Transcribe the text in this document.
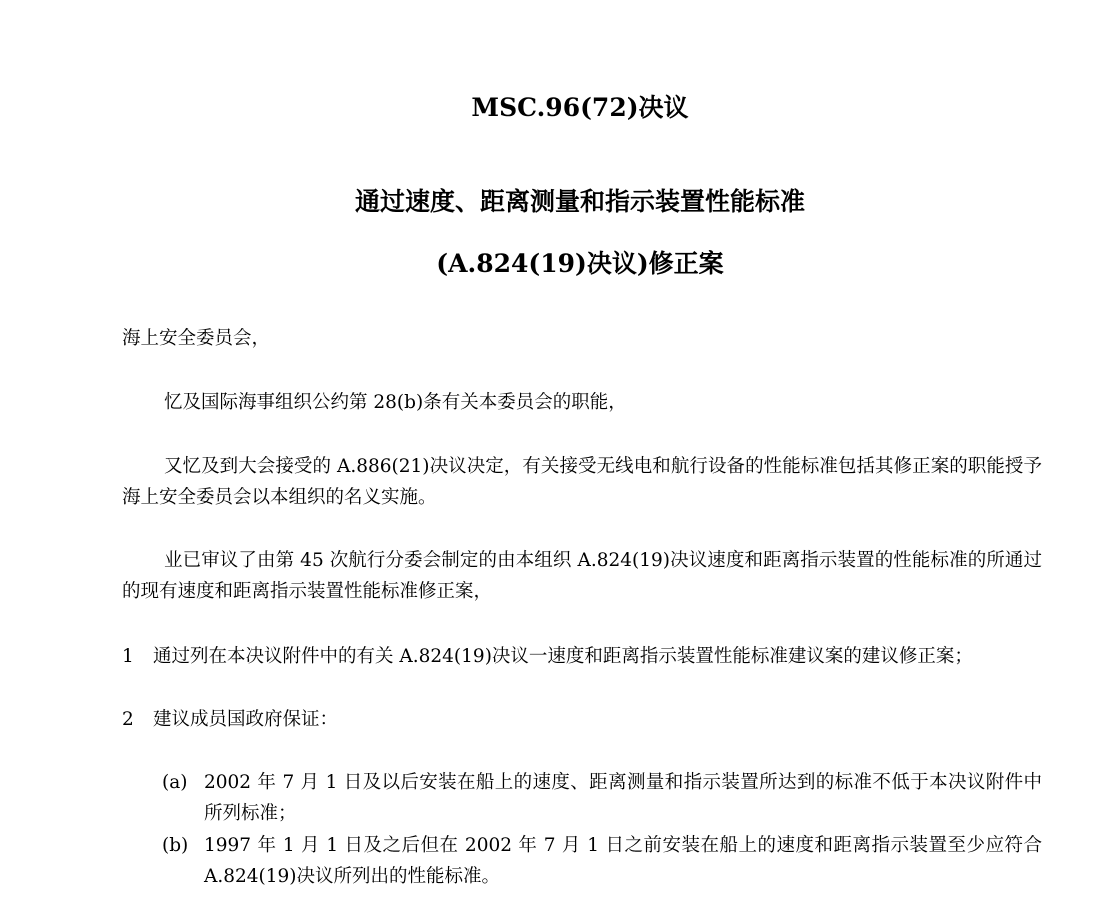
MSC.96(72)决议
通过速度、距离测量和指示装置性能标准
(A.824(19)决议)修正案
海上安全委员会，
忆及国际海事组织公约第 28(b)条有关本委员会的职能，
又忆及到大会接受的 A.886(21)决议决定，有关接受无线电和航行设备的性能标准包括其修正案的职能授予海上安全委员会以本组织的名义实施。
业已审议了由第 45 次航行分委会制定的由本组织 A.824(19)决议速度和距离指示装置的性能标准的所通过的现有速度和距离指示装置性能标准修正案，
1 通过列在本决议附件中的有关 A.824(19)决议一速度和距离指示装置性能标准建议案的建议修正案；
2 建议成员国政府保证：
(a) 2002 年 7 月 1 日及以后安装在船上的速度、距离测量和指示装置所达到的标准不低于本决议附件中所列标准；
(b) 1997 年 1 月 1 日及之后但在 2002 年 7 月 1 日之前安装在船上的速度和距离指示装置至少应符合 A.824(19)决议所列出的性能标准。
